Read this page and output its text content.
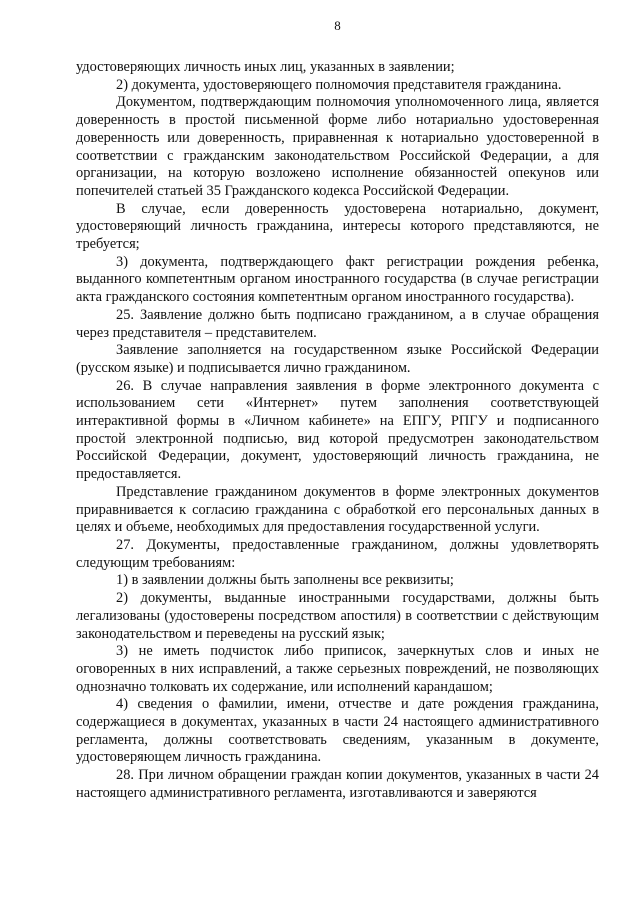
8

удостоверяющих личность иных лиц, указанных в заявлении;

2) документа, удостоверяющего полномочия представителя гражданина.

Документом, подтверждающим полномочия уполномоченного лица, является доверенность в простой письменной форме либо нотариально удостоверенная доверенность или доверенность, приравненная к нотариально удостоверенной в соответствии с гражданским законодательством Российской Федерации, а для организации, на которую возложено исполнение обязанностей опекунов или попечителей статьей 35 Гражданского кодекса Российской Федерации.

В случае, если доверенность удостоверена нотариально, документ, удостоверяющий личность гражданина, интересы которого представляются, не требуется;

3) документа, подтверждающего факт регистрации рождения ребенка, выданного компетентным органом иностранного государства (в случае регистрации акта гражданского состояния компетентным органом иностранного государства).

25. Заявление должно быть подписано гражданином, а в случае обращения через представителя – представителем.

Заявление заполняется на государственном языке Российской Федерации (русском языке) и подписывается лично гражданином.

26. В случае направления заявления в форме электронного документа с использованием сети «Интернет» путем заполнения соответствующей интерактивной формы в «Личном кабинете» на ЕПГУ, РПГУ и подписанного простой электронной подписью, вид которой предусмотрен законодательством Российской Федерации, документ, удостоверяющий личность гражданина, не предоставляется.

Представление гражданином документов в форме электронных документов приравнивается к согласию гражданина с обработкой его персональных данных в целях и объеме, необходимых для предоставления государственной услуги.

27. Документы, предоставленные гражданином, должны удовлетворять следующим требованиям:

1) в заявлении должны быть заполнены все реквизиты;

2) документы, выданные иностранными государствами, должны быть легализованы (удостоверены посредством апостиля) в соответствии с действующим законодательством и переведены на русский язык;

3) не иметь подчисток либо приписок, зачеркнутых слов и иных не оговоренных в них исправлений, а также серьезных повреждений, не позволяющих однозначно толковать их содержание, или исполнений карандашом;

4) сведения о фамилии, имени, отчестве и дате рождения гражданина, содержащиеся в документах, указанных в части 24 настоящего административного регламента, должны соответствовать сведениям, указанным в документе, удостоверяющем личность гражданина.

28. При личном обращении граждан копии документов, указанных в части 24 настоящего административного регламента, изготавливаются и заверяются
